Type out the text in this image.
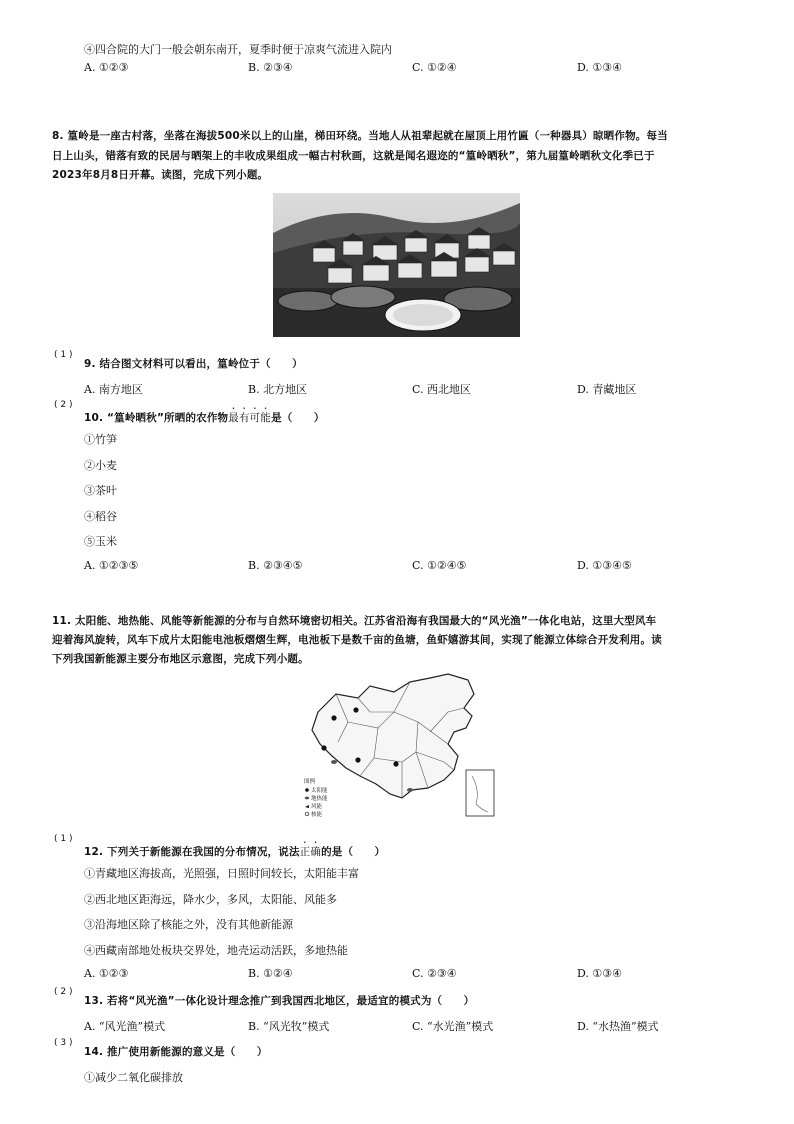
④四合院的大门一般会朝东南开，夏季时便于凉爽气流进入院内
A. ①②③	B. ②③④	C. ①②④	D. ①③④
8. 篁岭是一座古村落，坐落在海拔500米以上的山崖，梯田环绕。当地人从祖辈起就在屋顶上用竹匾（一种器具）晾晒作物。每当
日上山头，错落有致的民居与晒架上的丰收成果组成一幅古村秋画，这就是闻名遐迩的“篁岭晒秋”，第九届篁岭晒秋文化季已于
2023年8月8日开幕。读图，完成下列小题。
( 1 )
9. 结合图文材料可以看出，篁岭位于（　　）
A. 南方地区	B. 北方地区	C. 西北地区	D. 青藏地区
( 2 )
10. “篁岭晒秋”所晒的农作物最有可能是（　　）
①竹笋
②小麦
③茶叶
④稻谷
⑤玉米
A. ①②③⑤	B. ②③④⑤	C. ①②④⑤	D. ①③④⑤
11. 太阳能、地热能、风能等新能源的分布与自然环境密切相关。江苏省沿海有我国最大的“风光渔”一体化电站，这里大型风车
迎着海风旋转，风车下成片太阳能电池板熠熠生辉，电池板下是数千亩的鱼塘，鱼虾嬉游其间，实现了能源立体综合开发利用。读
下列我国新能源主要分布地区示意图，完成下列小题。
图例
太阳能
地热能
风能
核能
( 1 )
12. 下列关于新能源在我国的分布情况，说法正确的是（　　）
①青藏地区海拔高，光照强，日照时间较长，太阳能丰富
②西北地区距海远，降水少，多风，太阳能、风能多
③沿海地区除了核能之外，没有其他新能源
④西藏南部地处板块交界处，地壳运动活跃，多地热能
A. ①②③	B. ①②④	C. ②③④	D. ①③④
( 2 )
13. 若将“风光渔”一体化设计理念推广到我国西北地区，最适宜的模式为（　　）
A. “风光渔”模式	B. “风光牧”模式	C. “水光渔”模式	D. “水热渔”模式
( 3 )
14. 推广使用新能源的意义是（　　）
①减少二氧化碳排放
